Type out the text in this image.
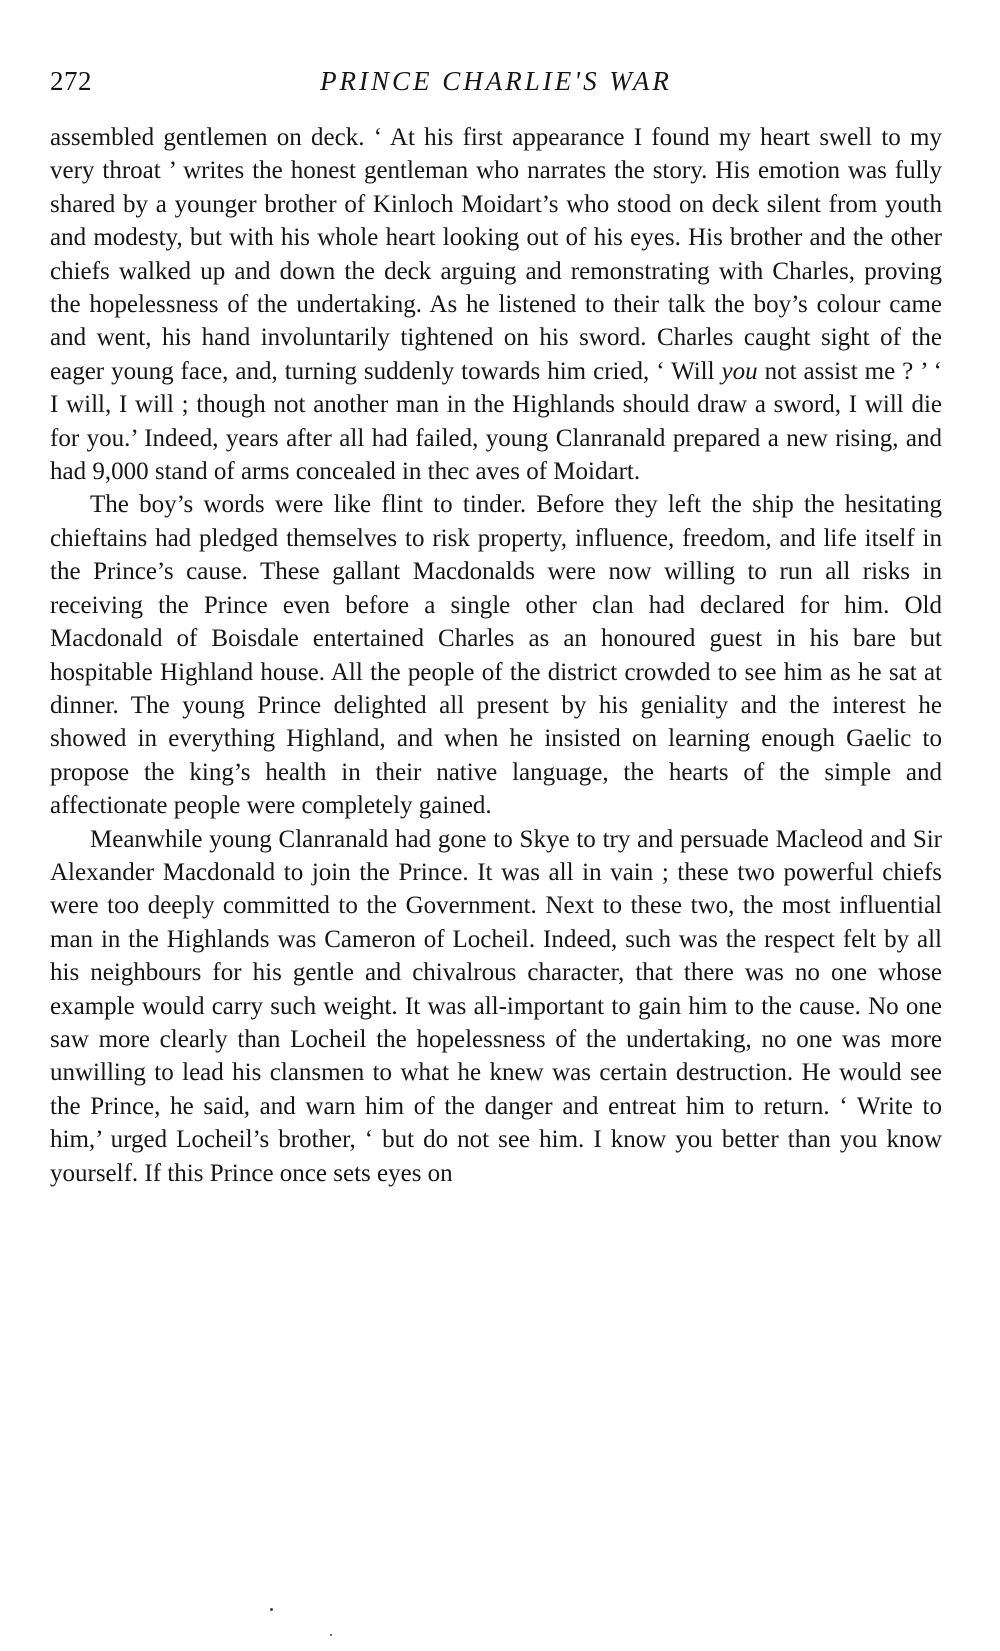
272	PRINCE CHARLIE'S WAR

assembled gentlemen on deck. ‘ At his first appearance I found my heart swell to my very throat ’ writes the honest gentleman who narrates the story. His emotion was fully shared by a younger brother of Kinloch Moidart’s who stood on deck silent from youth and modesty, but with his whole heart looking out of his eyes. His brother and the other chiefs walked up and down the deck arguing and remonstrating with Charles, proving the hopelessness of the undertaking. As he listened to their talk the boy’s colour came and went, his hand involuntarily tightened on his sword. Charles caught sight of the eager young face, and, turning suddenly towards him cried, ‘ Will you not assist me ? ’ ‘ I will, I will ; though not another man in the Highlands should draw a sword, I will die for you.’ Indeed, years after all had failed, young Clanranald prepared a new rising, and had 9,000 stand of arms concealed in thec aves of Moidart.

The boy’s words were like flint to tinder. Before they left the ship the hesitating chieftains had pledged themselves to risk property, influence, freedom, and life itself in the Prince’s cause. These gallant Macdonalds were now willing to run all risks in receiving the Prince even before a single other clan had declared for him. Old Macdonald of Boisdale entertained Charles as an honoured guest in his bare but hospitable Highland house. All the people of the district crowded to see him as he sat at dinner. The young Prince delighted all present by his geniality and the interest he showed in everything Highland, and when he insisted on learning enough Gaelic to propose the king’s health in their native language, the hearts of the simple and affectionate people were completely gained.

Meanwhile young Clanranald had gone to Skye to try and persuade Macleod and Sir Alexander Macdonald to join the Prince. It was all in vain ; these two powerful chiefs were too deeply committed to the Government. Next to these two, the most influential man in the Highlands was Cameron of Locheil. Indeed, such was the respect felt by all his neighbours for his gentle and chivalrous character, that there was no one whose example would carry such weight. It was all-important to gain him to the cause. No one saw more clearly than Locheil the hopelessness of the undertaking, no one was more unwilling to lead his clansmen to what he knew was certain destruction. He would see the Prince, he said, and warn him of the danger and entreat him to return. ‘ Write to him,’ urged Locheil’s brother, ‘ but do not see him. I know you better than you know yourself. If this Prince once sets eyes on
